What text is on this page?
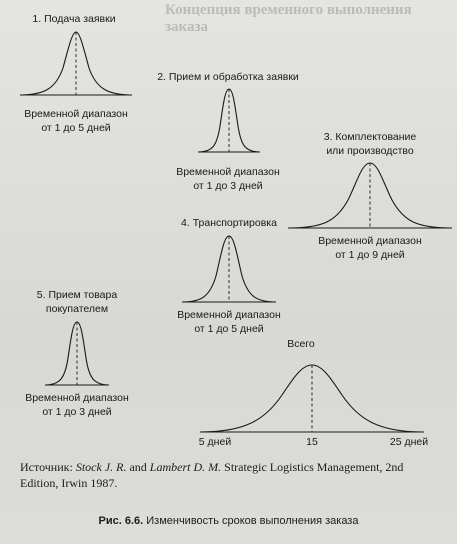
Концепция временного выполнения заказа
1. Подача заявки
Временной диапазон
от 1 до 5 дней
2. Прием и обработка заявки
Временной диапазон
от 1 до 3 дней
3. Комплектование
или производство
Временной диапазон
от 1 до 9 дней
4. Транспортировка
Временной диапазон
от 1 до 5 дней
5. Прием товара
покупателем
Временной диапазон
от 1 до 3 дней
Всего
5 дней	15	25 дней
Источник: Stock J. R. and Lambert D. M. Strategic Logistics Management, 2nd Edition, Irwin 1987.
Рис. 6.6. Изменчивость сроков выполнения заказа
